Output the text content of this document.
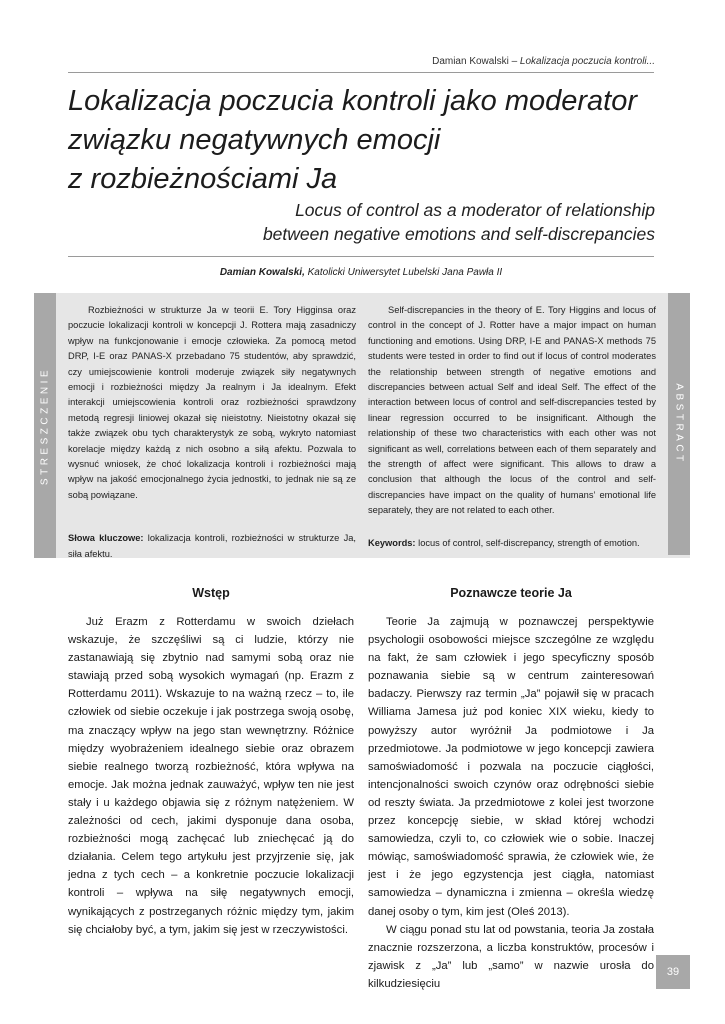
Damian Kowalski – Lokalizacja poczucia kontroli...
Lokalizacja poczucia kontroli jako moderator
związku negatywnych emocji
z rozbieżnościami Ja
Locus of control as a moderator of relationship
between negative emotions and self-discrepancies
Damian Kowalski, Katolicki Uniwersytet Lubelski Jana Pawła II
STRESZCZENIE

Rozbieżności w strukturze Ja w teorii E. Tory Higginsa oraz poczucie lokalizacji kontroli w koncepcji J. Rottera mają zasadniczy wpływ na funkcjonowanie i emocje człowieka. Za pomocą metod DRP, I-E oraz PANAS-X przebadano 75 studentów, aby sprawdzić, czy umiejscowienie kontroli moderuje związek siły negatywnych emocji i rozbieżności między Ja realnym i Ja idealnym. Efekt interakcji umiejscowienia kontroli oraz rozbieżności sprawdzony metodą regresji liniowej okazał się nieistotny. Nieistotny okazał się także związek obu tych charakterystyk ze sobą, wykryto natomiast korelacje między każdą z nich osobno a siłą afektu. Pozwala to wysnuć wniosek, że choć lokalizacja kontroli i rozbieżności mają wpływ na jakość emocjonalnego życia jednostki, to jednak nie są ze sobą powiązane.

Słowa kluczowe: lokalizacja kontroli, rozbieżności w strukturze Ja, siła afektu.

Self-discrepancies in the theory of E. Tory Higgins and locus of control in the concept of J. Rotter have a major impact on human functioning and emotions. Using DRP, I-E and PANAS-X methods 75 students were tested in order to find out if locus of control moderates the relationship between strength of negative emotions and discrepancies between actual Self and ideal Self. The effect of the interaction between locus of control and self-discrepancies tested by linear regression occurred to be insignificant. Although the relationship of these two characteristics with each other was not significant as well, correlations between each of them separately and the strength of affect were significant. This allows to draw a conclusion that although the locus of the control and self-discrepancies have impact on the quality of humans’ emotional life separately, they are not related to each other.

Keywords: locus of control, self-discrepancy, strength of emotion.

ABSTRACT
Wstęp	Poznawcze teorie Ja

Już Erazm z Rotterdamu w swoich dziełach wskazuje, że szczęśliwi są ci ludzie, którzy nie zastanawiają się zbytnio nad samymi sobą oraz nie stawiają przed sobą wysokich wymagań (np. Erazm z Rotterdamu 2011). Wskazuje to na ważną rzecz – to, ile człowiek od siebie oczekuje i jak postrzega swoją osobę, ma znaczący wpływ na jego stan wewnętrzny. Różnice między wyobrażeniem idealnego siebie oraz obrazem siebie realnego tworzą rozbieżność, która wpływa na emocje. Jak można jednak zauważyć, wpływ ten nie jest stały i u każdego objawia się z różnym natężeniem. W zależności od cech, jakimi dysponuje dana osoba, rozbieżności mogą zachęcać lub zniechęcać ją do działania. Celem tego artykułu jest przyjrzenie się, jak jedna z tych cech – a konkretnie poczucie lokalizacji kontroli – wpływa na siłę negatywnych emocji, wynikających z postrzeganych różnic między tym, jakim się chciałoby być, a tym, jakim się jest w rzeczywistości.

Teorie Ja zajmują w poznawczej perspektywie psychologii osobowości miejsce szczególne ze względu na fakt, że sam człowiek i jego specyficzny sposób poznawania siebie są w centrum zainteresowań badaczy. Pierwszy raz termin „Ja” pojawił się w pracach Williama Jamesa już pod koniec XIX wieku, kiedy to powyższy autor wyróżnił Ja podmiotowe i Ja przedmiotowe. Ja podmiotowe w jego koncepcji zawiera samoświadomość i pozwala na poczucie ciągłości, intencjonalności swoich czynów oraz odrębności siebie od reszty świata. Ja przedmiotowe z kolei jest tworzone przez koncepcję siebie, w skład której wchodzi samowiedza, czyli to, co człowiek wie o sobie. Inaczej mówiąc, samoświadomość sprawia, że człowiek wie, że jest i że jego egzystencja jest ciągła, natomiast samowiedza – dynamiczna i zmienna – określa wiedzę danej osoby o tym, kim jest (Oleś 2013).

W ciągu ponad stu lat od powstania, teoria Ja została znacznie rozszerzona, a liczba konstruktów, procesów i zjawisk z „Ja” lub „samo” w nazwie urosła do kilkudziesięciu

39
